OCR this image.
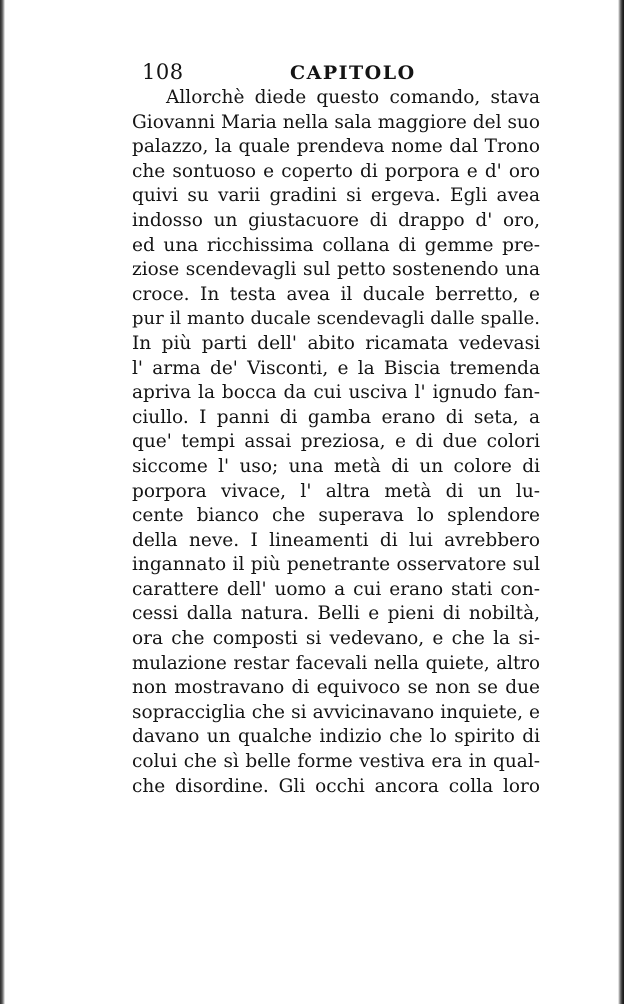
108	CAPITOLO
Allorchè diede questo comando, stava
Giovanni Maria nella sala maggiore del suo
palazzo, la quale prendeva nome dal Trono
che sontuoso e coperto di porpora e d' oro
quivi su varii gradini si ergeva. Egli avea
indosso un giustacuore di drappo d' oro,
ed una ricchissima collana di gemme pre-
ziose scendevagli sul petto sostenendo una
croce. In testa avea il ducale berretto, e
pur il manto ducale scendevagli dalle spalle.
In più parti dell' abito ricamata vedevasi
l' arma de' Visconti, e la Biscia tremenda
apriva la bocca da cui usciva l' ignudo fan-
ciullo. I panni di gamba erano di seta, a
que' tempi assai preziosa, e di due colori
siccome l' uso; una metà di un colore di
porpora vivace, l' altra metà di un lu-
cente bianco che superava lo splendore
della neve. I lineamenti di lui avrebbero
ingannato il più penetrante osservatore sul
carattere dell' uomo a cui erano stati con-
cessi dalla natura. Belli e pieni di nobiltà,
ora che composti si vedevano, e che la si-
mulazione restar facevali nella quiete, altro
non mostravano di equivoco se non se due
sopracciglia che si avvicinavano inquiete, e
davano un qualche indizio che lo spirito di
colui che sì belle forme vestiva era in qual-
che disordine. Gli occhi ancora colla loro
